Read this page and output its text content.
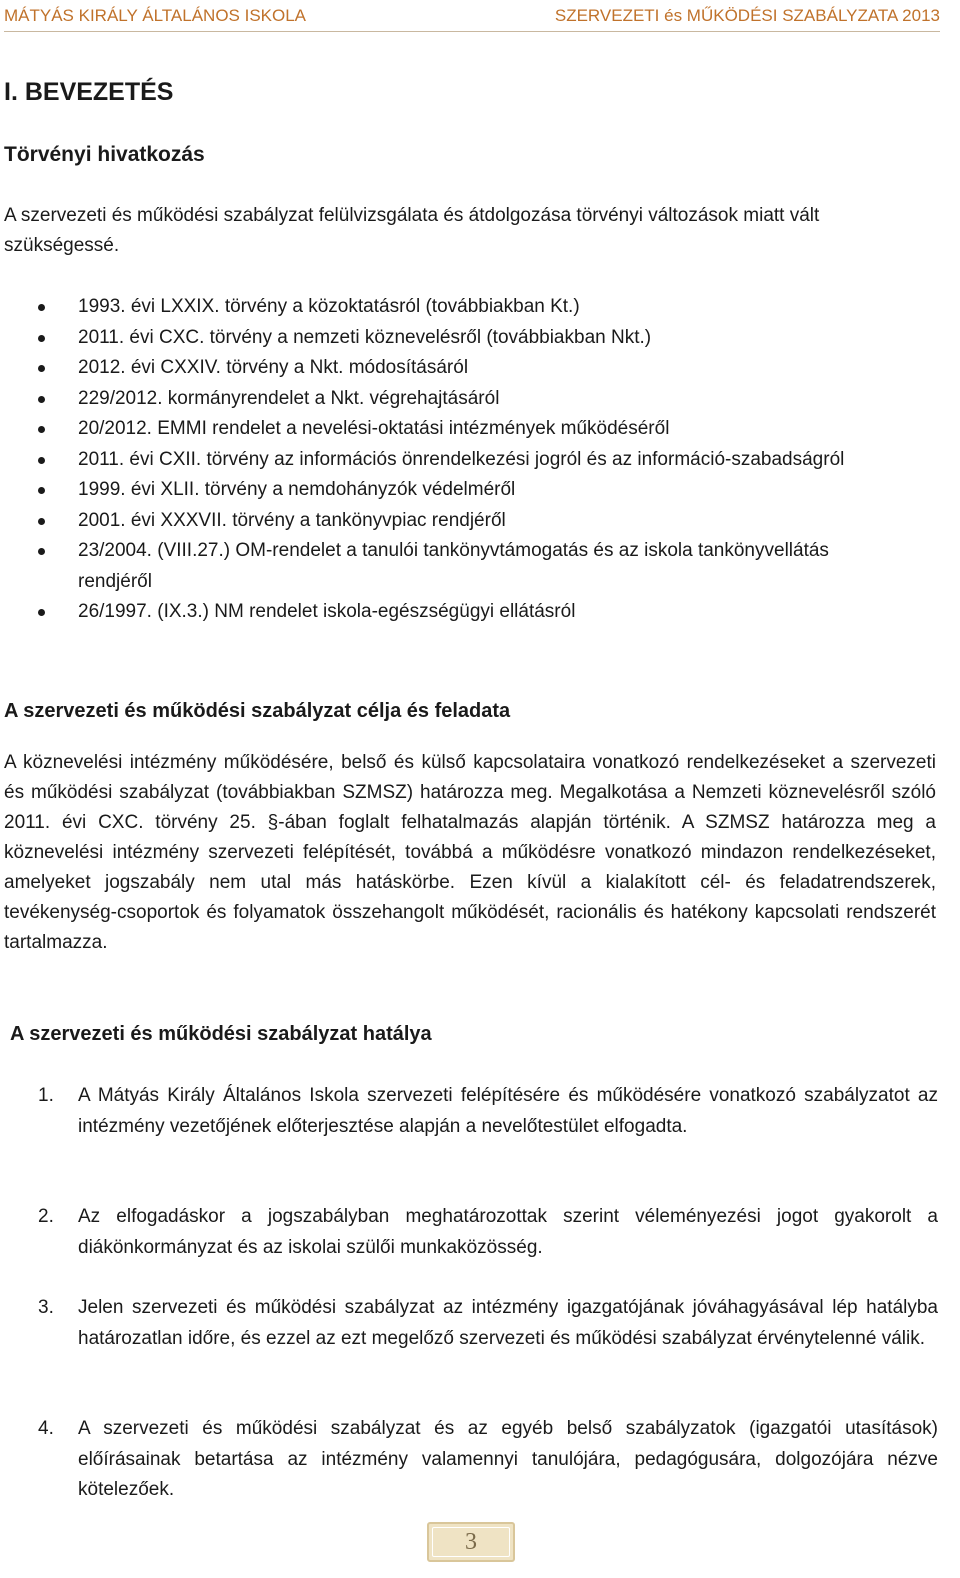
MÁTYÁS KIRÁLY ÁLTALÁNOS ISKOLA	SZERVEZETI és MŰKÖDÉSI SZABÁLYZATA 2013
I. BEVEZETÉS
Törvényi hivatkozás
A szervezeti és működési szabályzat felülvizsgálata és átdolgozása törvényi változások miatt vált szükségessé.
1993. évi LXXIX. törvény a közoktatásról (továbbiakban Kt.)
2011. évi CXC. törvény a nemzeti köznevelésről (továbbiakban Nkt.)
2012. évi CXXIV. törvény a Nkt. módosításáról
229/2012. kormányrendelet a Nkt. végrehajtásáról
20/2012. EMMI rendelet a nevelési-oktatási intézmények működéséről
2011. évi CXII. törvény az információs önrendelkezési jogról és az információ-szabadságról
1999. évi XLII. törvény a nemdohányzók védelméről
2001. évi XXXVII. törvény a tankönyvpiac rendjéről
23/2004. (VIII.27.) OM-rendelet a tanulói tankönyvtámogatás és az iskola tankönyvellátás rendjéről
26/1997. (IX.3.) NM rendelet iskola-egészségügyi ellátásról
A szervezeti és működési szabályzat célja és feladata
A köznevelési intézmény működésére, belső és külső kapcsolataira vonatkozó rendelkezéseket a szervezeti és működési szabályzat (továbbiakban SZMSZ) határozza meg. Megalkotása a Nemzeti köznevelésről szóló 2011. évi CXC. törvény 25. §-ában foglalt felhatalmazás alapján történik. A SZMSZ határozza meg a köznevelési intézmény szervezeti felépítését, továbbá a működésre vonatkozó mindazon rendelkezéseket, amelyeket jogszabály nem utal más hatáskörbe. Ezen kívül a kialakított cél- és feladatrendszerek, tevékenység-csoportok és folyamatok összehangolt működését, racionális és hatékony kapcsolati rendszerét tartalmazza.
A szervezeti és működési szabályzat hatálya
1.	A Mátyás Király Általános Iskola szervezeti felépítésére és működésére vonatkozó szabályzatot az intézmény vezetőjének előterjesztése alapján a nevelőtestület elfogadta.
2.	Az elfogadáskor a jogszabályban meghatározottak szerint véleményezési jogot gyakorolt a diákönkormányzat és az iskolai szülői munkaközösség.
3.	Jelen szervezeti és működési szabályzat az intézmény igazgatójának jóváhagyásával lép hatályba határozatlan időre, és ezzel az ezt megelőző szervezeti és működési szabályzat érvénytelenné válik.
4.	A szervezeti és működési szabályzat és az egyéb belső szabályzatok (igazgatói utasítások) előírásainak betartása az intézmény valamennyi tanulójára, pedagógusára, dolgozójára nézve kötelezőek.
3
